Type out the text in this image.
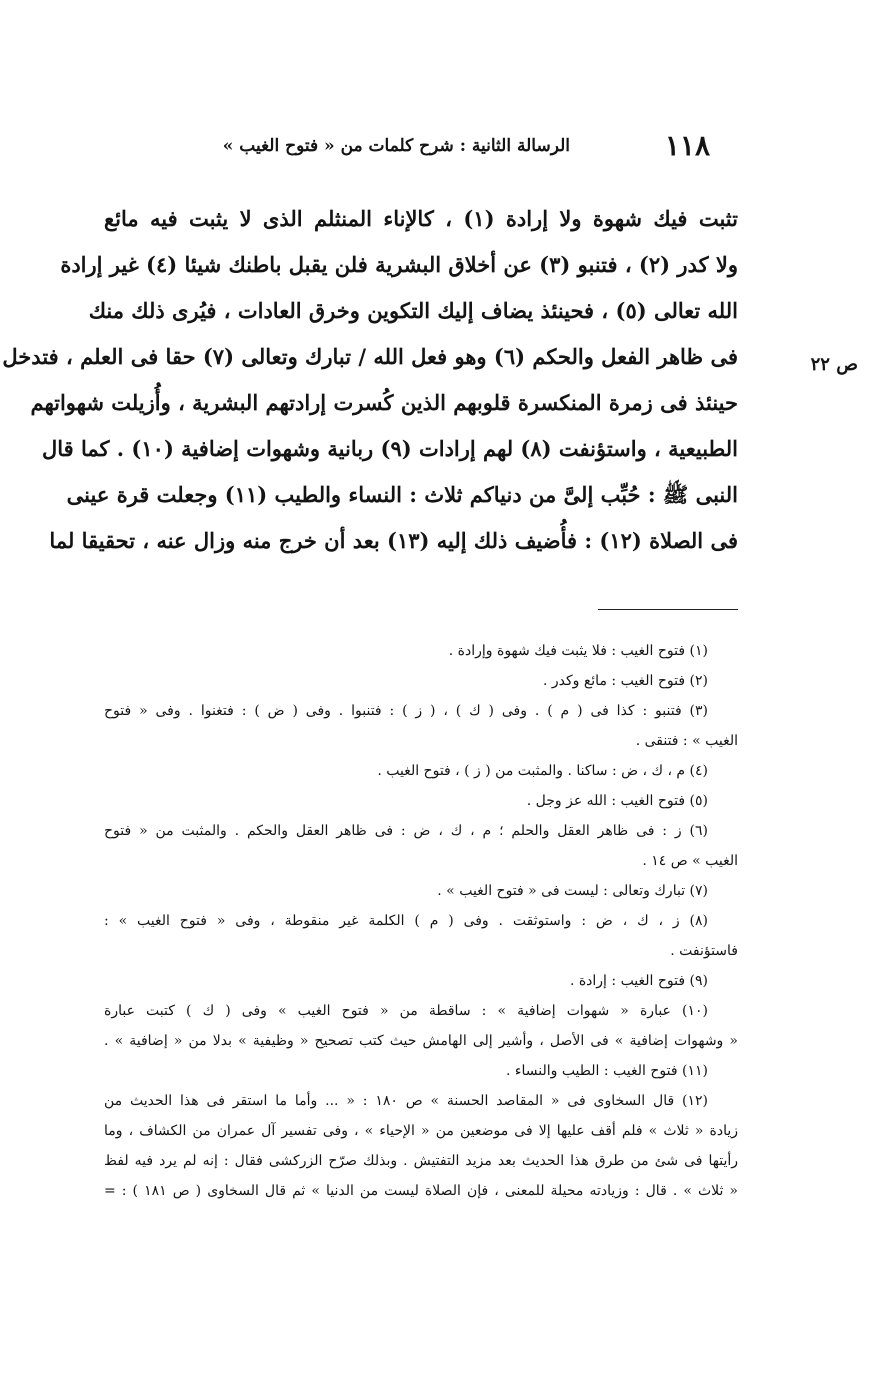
١١٨
الرسالة الثانية : شرح كلمات من « فتوح الغيب »
تثبت فيك شهوة ولا إرادة (١) ، كالإناء المنثلم الذى لا يثبت فيه مائع
ولا كدر (٢) ، فتنبو (٣) عن أخلاق البشرية فلن يقبل باطنك شيئا (٤) غير إرادة
الله تعالى (٥) ، فحينئذ يضاف إليك التكوين وخرق العادات ، فيُرى ذلك منك
فى ظاهر الفعل والحكم (٦) وهو فعل الله / تبارك وتعالى (٧) حقا فى العلم ، فتدخل
حينئذ فى زمرة المنكسرة قلوبهم الذين كُسرت إرادتهم البشرية ، وأُزيلت شهواتهم
الطبيعية ، واستؤنفت (٨) لهم إرادات (٩) ربانية وشهوات إضافية (١٠) . كما قال
النبى ﷺ : حُبِّب إلىَّ من دنياكم ثلاث : النساء والطيب (١١) وجعلت قرة عينى
فى الصلاة (١٢) : فأُضيف ذلك إليه (١٣) بعد أن خرج منه وزال عنه ، تحقيقا لما
ص ٢٢
(١) فتوح الغيب : فلا يثبت فيك شهوة وإرادة .
(٢) فتوح الغيب : مائع وكدر .
(٣) فتنبو : كذا فى ( م ) . وفى ( ك ) ، ( ز ) : فتنبوا . وفى ( ض ) : فتغنوا . وفى « فتوح
الغيب » : فتنقى .
(٤) م ، ك ، ض : ساكنا . والمثبت من ( ز ) ، فتوح الغيب .
(٥) فتوح الغيب : الله عز وجل .
(٦) ز : فى ظاهر العقل والحلم ؛ م ، ك ، ض : فى ظاهر العقل والحكم . والمثبت من « فتوح
الغيب » ص ١٤ .
(٧) تبارك وتعالى : ليست فى « فتوح الغيب » .
(٨) ز ، ك ، ض : واستوثقت . وفى ( م ) الكلمة غير منقوطة ، وفى « فتوح الغيب » :
فاستؤنفت .
(٩) فتوح الغيب : إرادة .
(١٠) عبارة « شهوات إضافية » : ساقطة من « فتوح الغيب » وفى ( ك ) كتبت عبارة
« وشهوات إضافية » فى الأصل ، وأشير إلى الهامش حيث كتب تصحيح « وظيفية » بدلا من « إضافية » .
(١١) فتوح الغيب : الطيب والنساء .
(١٢) قال السخاوى فى « المقاصد الحسنة » ص ١٨٠ : « ... وأما ما استقر فى هذا الحديث من
زيادة « ثلاث » فلم أقف عليها إلا فى موضعين من « الإحياء » ، وفى تفسير آل عمران من الكشاف ، وما
رأيتها فى شئ من طرق هذا الحديث بعد مزيد التفتيش . وبذلك صرّح الزركشى فقال : إنه لم يرد فيه لفظ
« ثلاث » . قال : وزيادته محيلة للمعنى ، فإن الصلاة ليست من الدنيا » ثم قال السخاوى ( ص ١٨١ ) : =
